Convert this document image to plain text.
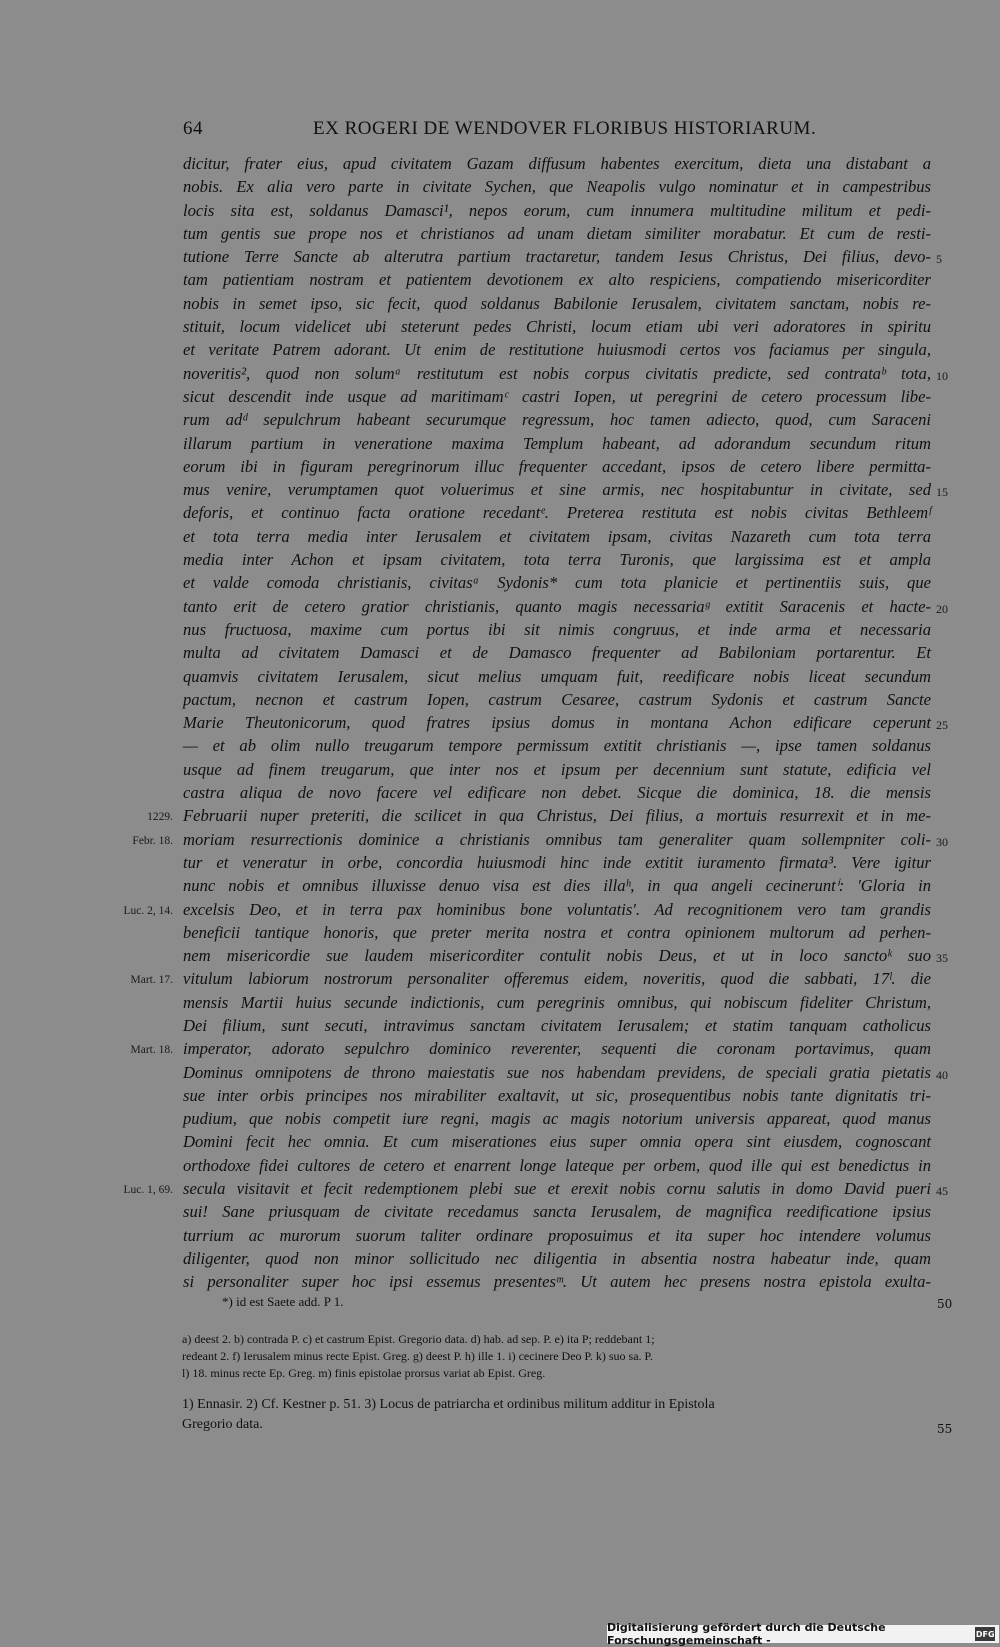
64	EX ROGERI DE WENDOVER FLORIBUS HISTORIARUM.
dicitur, frater eius, apud civitatem Gazam diffusum habentes exercitum, dieta una distabant a
nobis. Ex alia vero parte in civitate Sychen, que Neapolis vulgo nominatur et in campestribus
locis sita est, soldanus Damasci¹, nepos eorum, cum innumera multitudine militum et pedi-
tum gentis sue prope nos et christianos ad unam dietam similiter morabatur. Et cum de resti-
tutione Terre Sancte ab alterutra partium tractaretur, tandem Iesus Christus, Dei filius, devo- 5
tam patientiam nostram et patientem devotionem ex alto respiciens, compatiendo misericorditer
nobis in semet ipso, sic fecit, quod soldanus Babilonie Ierusalem, civitatem sanctam, nobis re-
stituit, locum videlicet ubi steterunt pedes Christi, locum etiam ubi veri adoratores in spiritu
et veritate Patrem adorant. Ut enim de restitutione huiusmodi certos vos faciamus per singula,
noveritis², quod non solumᵃ restitutum est nobis corpus civitatis predicte, sed contrataᵇ tota, 10
sicut descendit inde usque ad maritimamᶜ castri Iopen, ut peregrini de cetero processum libe-
rum adᵈ sepulchrum habeant securumque regressum, hoc tamen adiecto, quod, cum Saraceni
illarum partium in veneratione maxima Templum habeant, ad adorandum secundum ritum
eorum ibi in figuram peregrinorum illuc frequenter accedant, ipsos de cetero libere permitta-
mus venire, verumptamen quot voluerimus et sine armis, nec hospitabuntur in civitate, sed 15
deforis, et continuo facta oratione recedantᵉ. Preterea restituta est nobis civitas Bethleemᶠ
et tota terra media inter Ierusalem et civitatem ipsam, civitas Nazareth cum tota terra
media inter Achon et ipsam civitatem, tota terra Turonis, que largissima est et ampla
et valde comoda christianis, civitasᵃ Sydonis* cum tota planicie et pertinentiis suis, que
tanto erit de cetero gratior christianis, quanto magis necessariaᵍ extitit Saracenis et hacte- 20
nus fructuosa, maxime cum portus ibi sit nimis congruus, et inde arma et necessaria
multa ad civitatem Damasci et de Damasco frequenter ad Babiloniam portarentur. Et
quamvis civitatem Ierusalem, sicut melius umquam fuit, reedificare nobis liceat secundum
pactum, necnon et castrum Iopen, castrum Cesaree, castrum Sydonis et castrum Sancte
Marie Theutonicorum, quod fratres ipsius domus in montana Achon edificare ceperunt 25
— et ab olim nullo treugarum tempore permissum extitit christianis —, ipse tamen soldanus
usque ad finem treugarum, que inter nos et ipsum per decennium sunt statute, edificia vel
castra aliqua de novo facere vel edificare non debet. Sicque die dominica, 18. die mensis
Februarii nuper preteriti, die scilicet in qua Christus, Dei filius, a mortuis resurrexit et in me-
1229.
moriam resurrectionis dominice a christianis omnibus tam generaliter quam sollempniter coli- 30
Febr. 18.
tur et veneratur in orbe, concordia huiusmodi hinc inde extitit iuramento firmata³. Vere igitur
nunc nobis et omnibus illuxisse denuo visa est dies illaʰ, in qua angeli cecineruntⁱ: 'Gloria in
excelsis Deo, et in terra pax hominibus bone voluntatis'. Ad recognitionem vero tam grandis
Luc. 2, 14.
beneficii tantique honoris, que preter merita nostra et contra opinionem multorum ad perhen-
nem misericordie sue laudem misericorditer contulit nobis Deus, et ut in loco sanctoᵏ suo 35
vitulum labiorum nostrorum personaliter offeremus eidem, noveritis, quod die sabbati, 17ˡ. die
Mart. 17.
mensis Martii huius secunde indictionis, cum peregrinis omnibus, qui nobiscum fideliter Christum,
Dei filium, sunt secuti, intravimus sanctam civitatem Ierusalem; et statim tanquam catholicus
imperator, adorato sepulchro dominico reverenter, sequenti die coronam portavimus, quam
Mart. 18.
Dominus omnipotens de throno maiestatis sue nos habendam previdens, de speciali gratia pietatis 40
sue inter orbis principes nos mirabiliter exaltavit, ut sic, prosequentibus nobis tante dignitatis tri-
pudium, que nobis competit iure regni, magis ac magis notorium universis appareat, quod manus
Domini fecit hec omnia. Et cum miserationes eius super omnia opera sint eiusdem, cognoscant
orthodoxe fidei cultores de cetero et enarrent longe lateque per orbem, quod ille qui est benedictus in
secula visitavit et fecit redemptionem plebi sue et erexit nobis cornu salutis in domo David pueri 45
Luc. 1, 69.
sui! Sane priusquam de civitate recedamus sancta Ierusalem, de magnifica reedificatione ipsius
turrium ac murorum suorum taliter ordinare proposuimus et ita super hoc intendere volumus
diligenter, quod non minor sollicitudo nec diligentia in absentia nostra habeatur inde, quam
si personaliter super hoc ipsi essemus presentesᵐ. Ut autem hec presens nostra epistola exulta-
*) id est Saete add. P 1.	50
a) deest 2. b) contrada P. c) et castrum Epist. Gregorio data. d) hab. ad sep. P. e) ita P; reddebant 1;
redeant 2. f) Ierusalem minus recte Epist. Greg. g) deest P. h) ille 1. i) cecinere Deo P. k) suo sa. P.
l) 18. minus recte Ep. Greg. m) finis epistolae prorsus variat ab Epist. Greg.
1) Ennasir. 2) Cf. Kestner p. 51. 3) Locus de patriarcha et ordinibus militum additur in Epistola
Gregorio data.	55
Digitalisierung gefördert durch die Deutsche Forschungsgemeinschaft -	DFG
